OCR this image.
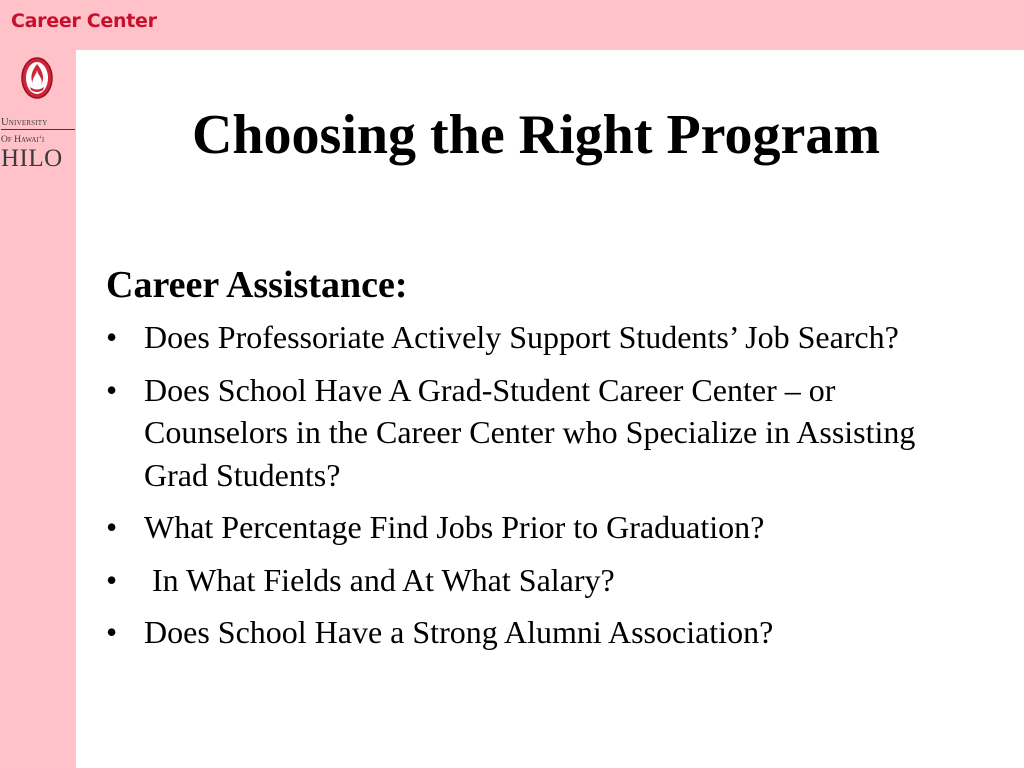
Career Center
University
Of Hawaiʻi
HILO	Choosing the Right Program
Career Assistance:
• Does Professoriate Actively Support Students’ Job Search?
• Does School Have A Grad-Student Career Center – or Counselors in the Career Center who Specialize in Assisting Grad Students?
• What Percentage Find Jobs Prior to Graduation?
• In What Fields and At What Salary?
• Does School Have a Strong Alumni Association?
